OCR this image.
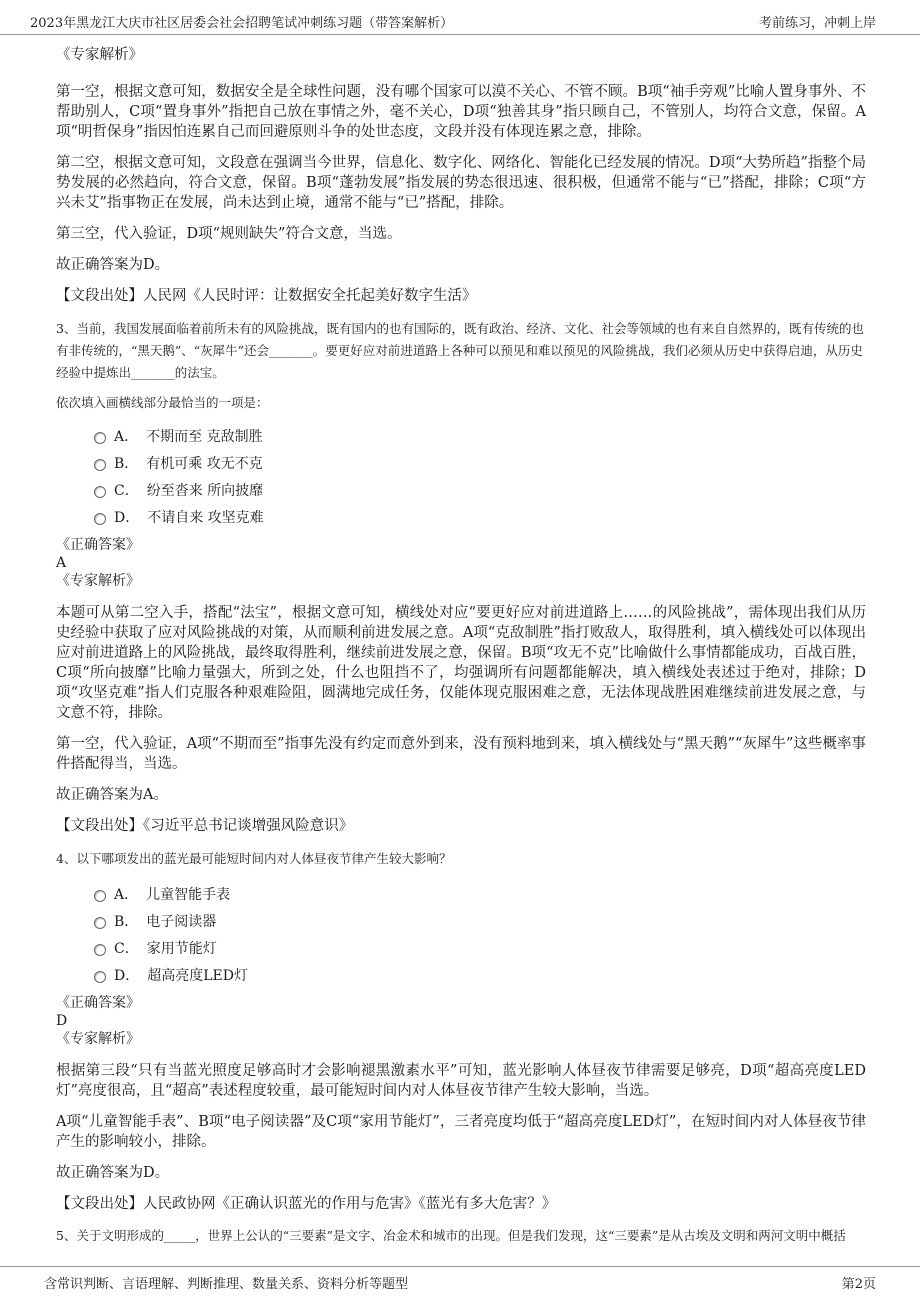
2023年黑龙江大庆市社区居委会社会招聘笔试冲刺练习题（带答案解析）	考前练习，冲刺上岸

《专家解析》

第一空，根据文意可知，数据安全是全球性问题，没有哪个国家可以漠不关心、不管不顾。B项“袖手旁观”比喻人置身事外、不帮助别人，C项“置身事外”指把自己放在事情之外，毫不关心，D项“独善其身”指只顾自己，不管别人，均符合文意，保留。A项“明哲保身”指因怕连累自己而回避原则斗争的处世态度，文段并没有体现连累之意，排除。

第二空，根据文意可知，文段意在强调当今世界，信息化、数字化、网络化、智能化已经发展的情况。D项“大势所趋”指整个局势发展的必然趋向，符合文意，保留。B项“蓬勃发展”指发展的势态很迅速、很积极，但通常不能与“已”搭配，排除；C项“方兴未艾”指事物正在发展，尚未达到止境，通常不能与“已”搭配，排除。

第三空，代入验证，D项“规则缺失”符合文意，当选。

故正确答案为D。

【文段出处】人民网《人民时评：让数据安全托起美好数字生活》

3、当前，我国发展面临着前所未有的风险挑战，既有国内的也有国际的，既有政治、经济、文化、社会等领域的也有来自自然界的，既有传统的也有非传统的，“黑天鹅”、“灰犀牛”还会_______。要更好应对前进道路上各种可以预见和难以预见的风险挑战，我们必须从历史中获得启迪，从历史经验中提炼出_______的法宝。

依次填入画横线部分最恰当的一项是：

A． 不期而至 克敌制胜
B． 有机可乘 攻无不克
C． 纷至沓来 所向披靡
D． 不请自来 攻坚克难

《正确答案》

A

《专家解析》

本题可从第二空入手，搭配“法宝”，根据文意可知，横线处对应“要更好应对前进道路上……的风险挑战”，需体现出我们从历史经验中获取了应对风险挑战的对策，从而顺利前进发展之意。A项“克敌制胜”指打败敌人，取得胜利，填入横线处可以体现出应对前进道路上的风险挑战，最终取得胜利，继续前进发展之意，保留。B项“攻无不克”比喻做什么事情都能成功，百战百胜，C项“所向披靡”比喻力量强大，所到之处，什么也阻挡不了，均强调所有问题都能解决，填入横线处表述过于绝对，排除；D项“攻坚克难”指人们克服各种艰难险阻，圆满地完成任务，仅能体现克服困难之意，无法体现战胜困难继续前进发展之意，与文意不符，排除。

第一空，代入验证，A项“不期而至”指事先没有约定而意外到来，没有预料地到来，填入横线处与“黑天鹅”“灰犀牛”这些概率事件搭配得当，当选。

故正确答案为A。

【文段出处】《习近平总书记谈增强风险意识》

4、以下哪项发出的蓝光最可能短时间内对人体昼夜节律产生较大影响？

A． 儿童智能手表
B． 电子阅读器
C． 家用节能灯
D． 超高亮度LED灯

《正确答案》

D

《专家解析》

根据第三段“只有当蓝光照度足够高时才会影响褪黑激素水平”可知，蓝光影响人体昼夜节律需要足够亮，D项“超高亮度LED灯”亮度很高，且“超高”表述程度较重，最可能短时间内对人体昼夜节律产生较大影响，当选。

A项“儿童智能手表”、B项“电子阅读器”及C项“家用节能灯”，三者亮度均低于“超高亮度LED灯”，在短时间内对人体昼夜节律产生的影响较小，排除。

故正确答案为D。

【文段出处】人民政协网《正确认识蓝光的作用与危害》《蓝光有多大危害？》

5、关于文明形成的_____，世界上公认的“三要素”是文字、冶金术和城市的出现。但是我们发现，这“三要素”是从古埃及文明和两河文明中概括

含常识判断、言语理解、判断推理、数量关系、资料分析等题型	第2页
